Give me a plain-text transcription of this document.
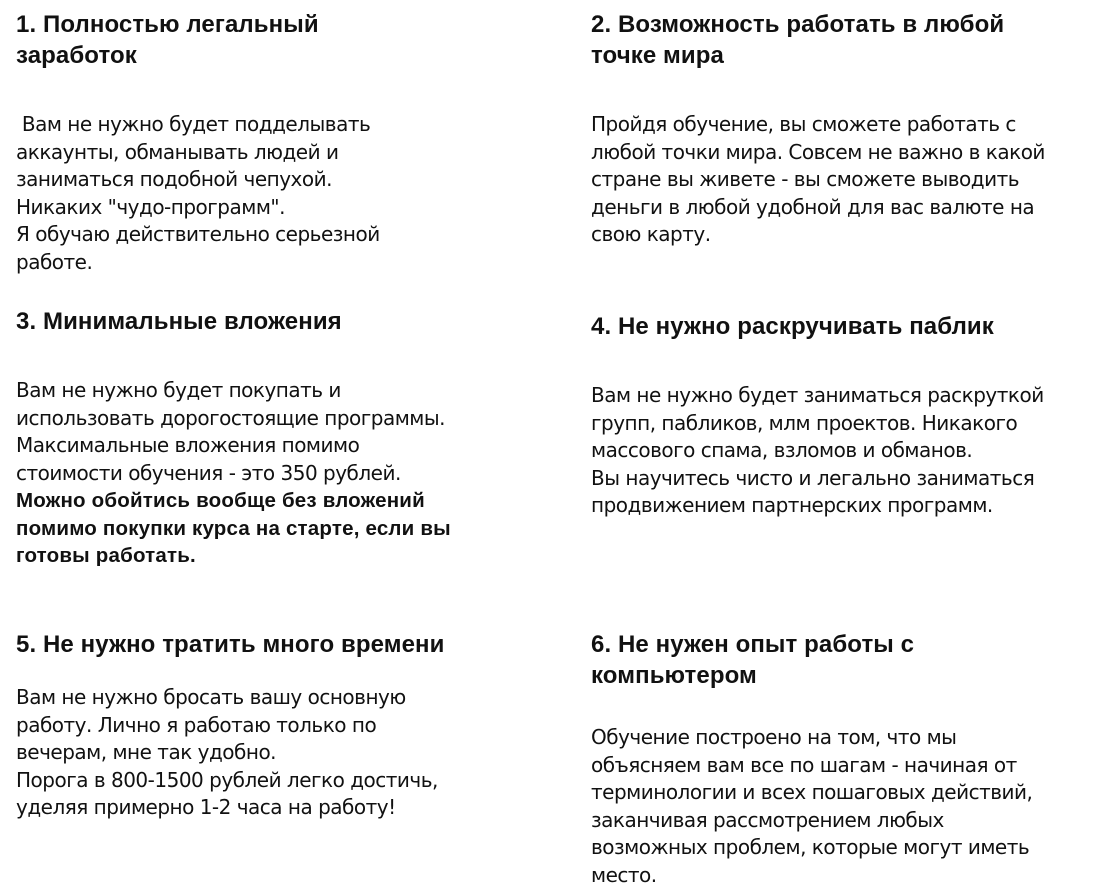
1. Полностью легальный
заработок

Вам не нужно будет подделывать
аккаунты, обманывать людей и
заниматься подобной чепухой.
Никаких "чудо-программ".
Я обучаю действительно серьезной
работе.

2. Возможность работать в любой
точке мира

Пройдя обучение, вы сможете работать с
любой точки мира. Совсем не важно в какой
стране вы живете - вы сможете выводить
деньги в любой удобной для вас валюте на
свою карту.

3. Минимальные вложения

Вам не нужно будет покупать и
использовать дорогостоящие программы.
Максимальные вложения помимо
стоимости обучения - это 350 рублей.
Можно обойтись вообще без вложений
помимо покупки курса на старте, если вы
готовы работать.

4. Не нужно раскручивать паблик

Вам не нужно будет заниматься раскруткой
групп, пабликов, млм проектов. Никакого
массового спама, взломов и обманов.
Вы научитесь чисто и легально заниматься
продвижением партнерских программ.

5. Не нужно тратить много времени

Вам не нужно бросать вашу основную
работу. Лично я работаю только по
вечерам, мне так удобно.
Порога в 800-1500 рублей легко достичь,
уделяя примерно 1-2 часа на работу!

6. Не нужен опыт работы с
компьютером

Обучение построено на том, что мы
объясняем вам все по шагам - начиная от
терминологии и всех пошаговых действий,
заканчивая рассмотрением любых
возможных проблем, которые могут иметь
место.
